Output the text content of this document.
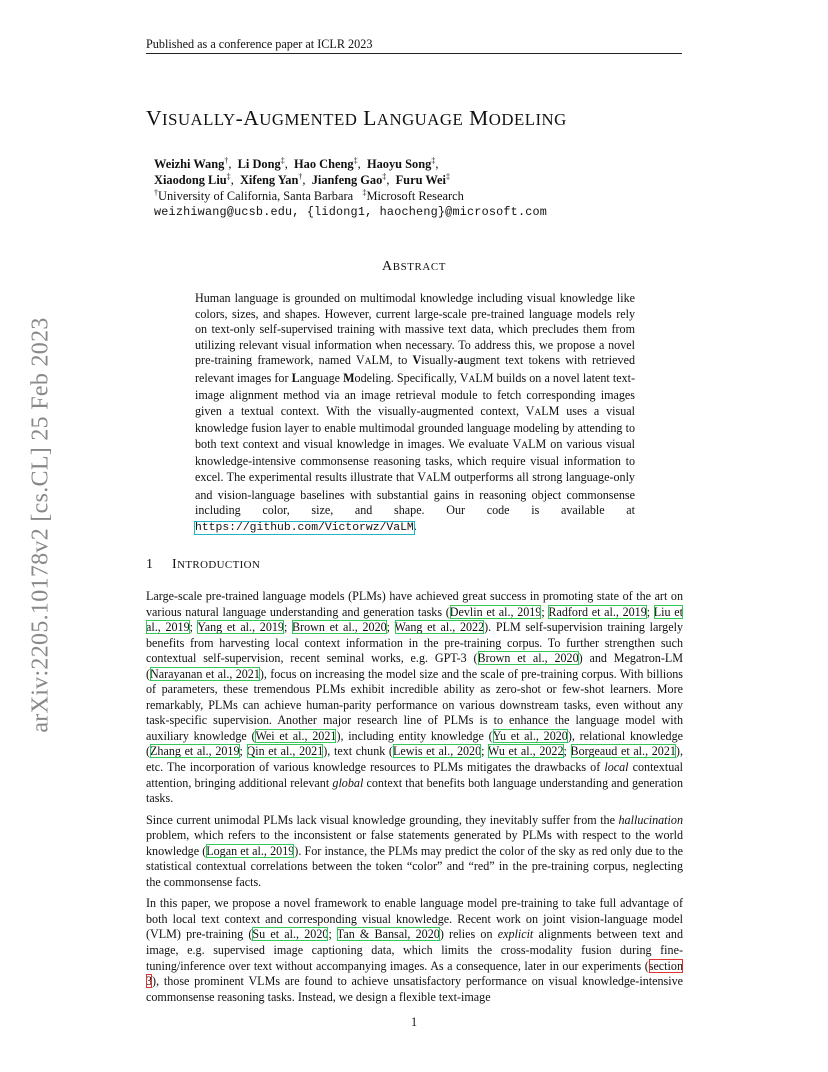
Published as a conference paper at ICLR 2023
VISUALLY-AUGMENTED LANGUAGE MODELING
Weizhi Wang†,  Li Dong‡,  Hao Cheng‡,  Haoyu Song‡,
Xiaodong Liu‡,  Xifeng Yan†,  Jianfeng Gao‡,  Furu Wei‡
†University of California, Santa Barbara ‡Microsoft Research
weizhiwang@ucsb.edu, {lidong1, haocheng}@microsoft.com
ABSTRACT
Human language is grounded on multimodal knowledge including visual knowledge like colors, sizes, and shapes. However, current large-scale pre-trained language models rely on text-only self-supervised training with massive text data, which precludes them from utilizing relevant visual information when necessary. To address this, we propose a novel pre-training framework, named VALM, to Visually-augment text tokens with retrieved relevant images for Language Modeling. Specifically, VALM builds on a novel latent text-image alignment method via an image retrieval module to fetch corresponding images given a textual context. With the visually-augmented context, VALM uses a visual knowledge fusion layer to enable multimodal grounded language modeling by attending to both text context and visual knowledge in images. We evaluate VALM on various visual knowledge-intensive commonsense reasoning tasks, which require visual information to excel. The experimental results illustrate that VALM outperforms all strong language-only and vision-language baselines with substantial gains in reasoning object commonsense including color, size, and shape. Our code is available at https://github.com/Victorwz/VaLM.
1 INTRODUCTION

Large-scale pre-trained language models (PLMs) have achieved great success in promoting state of the art on various natural language understanding and generation tasks (Devlin et al., 2019; Radford et al., 2019; Liu et al., 2019; Yang et al., 2019; Brown et al., 2020; Wang et al., 2022). PLM self-supervision training largely benefits from harvesting local context information in the pre-training corpus. To further strengthen such contextual self-supervision, recent seminal works, e.g. GPT-3 (Brown et al., 2020) and Megatron-LM (Narayanan et al., 2021), focus on increasing the model size and the scale of pre-training corpus. With billions of parameters, these tremendous PLMs exhibit incredible ability as zero-shot or few-shot learners. More remarkably, PLMs can achieve human-parity performance on various downstream tasks, even without any task-specific supervision. Another major research line of PLMs is to enhance the language model with auxiliary knowledge (Wei et al., 2021), including entity knowledge (Yu et al., 2020), relational knowledge (Zhang et al., 2019; Qin et al., 2021), text chunk (Lewis et al., 2020; Wu et al., 2022; Borgeaud et al., 2021), etc. The incorporation of various knowledge resources to PLMs mitigates the drawbacks of local contextual attention, bringing additional relevant global context that benefits both language understanding and generation tasks.

Since current unimodal PLMs lack visual knowledge grounding, they inevitably suffer from the hallucination problem, which refers to the inconsistent or false statements generated by PLMs with respect to the world knowledge (Logan et al., 2019). For instance, the PLMs may predict the color of the sky as red only due to the statistical contextual correlations between the token “color” and “red” in the pre-training corpus, neglecting the commonsense facts.

In this paper, we propose a novel framework to enable language model pre-training to take full advantage of both local text context and corresponding visual knowledge. Recent work on joint vision-language model (VLM) pre-training (Su et al., 2020; Tan & Bansal, 2020) relies on explicit alignments between text and image, e.g. supervised image captioning data, which limits the cross-modality fusion during fine-tuning/inference over text without accompanying images. As a consequence, later in our experiments (section 3), those prominent VLMs are found to achieve unsatisfactory performance on visual knowledge-intensive commonsense reasoning tasks. Instead, we design a flexible text-image

1
arXiv:2205.10178v2 [cs.CL] 25 Feb 2023
